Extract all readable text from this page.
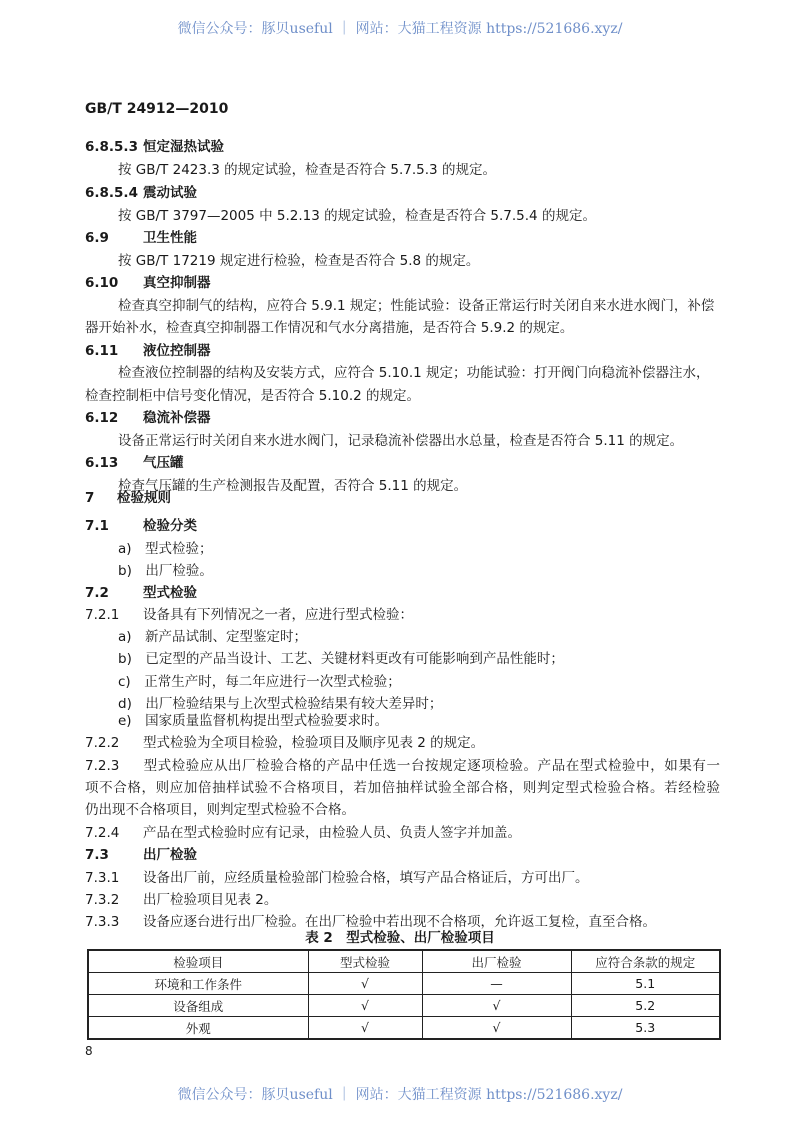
微信公众号：豚贝useful ｜ 网站：大猫工程资源 https://521686.xyz/
GB/T 24912—2010
6.8.5.3 恒定湿热试验
按 GB/T 2423.3 的规定试验，检查是否符合 5.7.5.3 的规定。
6.8.5.4 震动试验
按 GB/T 3797—2005 中 5.2.13 的规定试验，检查是否符合 5.7.5.4 的规定。
6.9	卫生性能
按 GB/T 17219 规定进行检验，检查是否符合 5.8 的规定。
6.10 真空抑制器
检查真空抑制气的结构，应符合 5.9.1 规定；性能试验：设备正常运行时关闭自来水进水阀门，补偿
器开始补水，检查真空抑制器工作情况和气水分离措施，是否符合 5.9.2 的规定。
6.11 液位控制器
检查液位控制器的结构及安装方式，应符合 5.10.1 规定；功能试验：打开阀门向稳流补偿器注水，
检查控制柜中信号变化情况，是否符合 5.10.2 的规定。
6.12 稳流补偿器
设备正常运行时关闭自来水进水阀门，记录稳流补偿器出水总量，检查是否符合 5.11 的规定。
6.13 气压罐
检查气压罐的生产检测报告及配置，否符合 5.11 的规定。
7 检验规则
7.1	检验分类
a)　型式检验；
b)　出厂检验。
7.2	型式检验
7.2.1 设备具有下列情况之一者，应进行型式检验：
a)　新产品试制、定型鉴定时；
b)　已定型的产品当设计、工艺、关键材料更改有可能影响到产品性能时；
c)　正常生产时，每二年应进行一次型式检验；
d)　出厂检验结果与上次型式检验结果有较大差异时；
e)　国家质量监督机构提出型式检验要求时。
7.2.2 型式检验为全项目检验，检验项目及顺序见表 2 的规定。
7.2.3 型式检验应从出厂检验合格的产品中任选一台按规定逐项检验。产品在型式检验中，如果有一
项不合格，则应加倍抽样试验不合格项目，若加倍抽样试验全部合格，则判定型式检验合格。若经检验
仍出现不合格项目，则判定型式检验不合格。
7.2.4 产品在型式检验时应有记录，由检验人员、负责人签字并加盖。
7.3	出厂检验
7.3.1 设备出厂前，应经质量检验部门检验合格，填写产品合格证后，方可出厂。
7.3.2 出厂检验项目见表 2。
7.3.3 设备应逐台进行出厂检验。在出厂检验中若出现不合格项，允许返工复检，直至合格。
表 2　型式检验、出厂检验项目
检验项目	型式检验	出厂检验	应符合条款的规定
环境和工作条件	√	—	5.1
设备组成	√	√	5.2
外观	√	√	5.3
8
微信公众号：豚贝useful ｜ 网站：大猫工程资源 https://521686.xyz/
